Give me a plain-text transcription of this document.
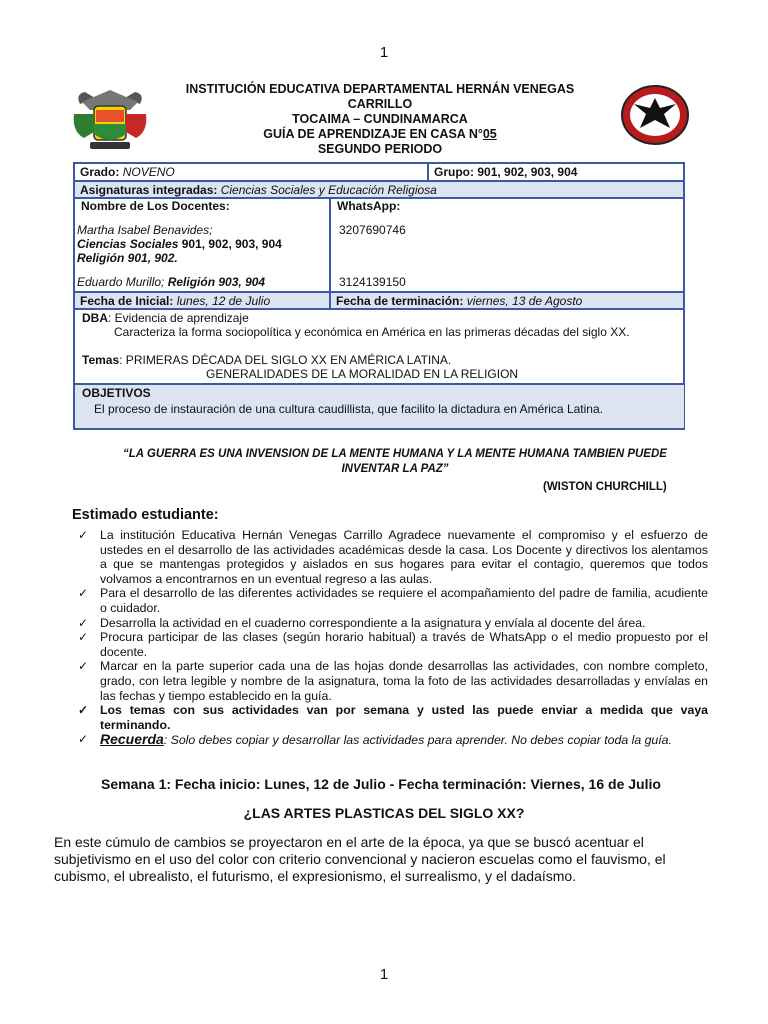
1
INSTITUCIÓN EDUCATIVA DEPARTAMENTAL HERNÁN VENEGAS
CARRILLO
TOCAIMA – CUNDINAMARCA
GUÍA DE APRENDIZAJE EN CASA N°05
SEGUNDO PERIODO
Grado: NOVENO	Grupo: 901, 902, 903, 904
Asignaturas integradas: Ciencias Sociales y Educación Religiosa
Nombre de Los Docentes:
Martha Isabel Benavides;
Ciencias Sociales 901, 902, 903, 904
Religión 901, 902.
Eduardo Murillo; Religión 903, 904
WhatsApp:
3207690746
3124139150
Fecha de Inicial: lunes, 12 de Julio	Fecha de terminación: viernes, 13 de Agosto
DBA: Evidencia de aprendizaje
Caracteriza la forma sociopolítica y económica en América en las primeras décadas del siglo XX.
Temas: PRIMERAS DÉCADA DEL SIGLO XX EN AMÉRICA LATINA.
GENERALIDADES DE LA MORALIDAD EN LA RELIGION
OBJETIVOS
El proceso de instauración de una cultura caudillista, que facilito la dictadura en América Latina.
“LA GUERRA ES UNA INVENSION DE LA MENTE HUMANA Y LA MENTE HUMANA TAMBIEN PUEDE INVENTAR LA PAZ”
(WISTON CHURCHILL)
Estimado estudiante:
✓ La institución Educativa Hernán Venegas Carrillo Agradece nuevamente el compromiso y el esfuerzo de ustedes en el desarrollo de las actividades académicas desde la casa. Los Docente y directivos los alentamos a que se mantengas protegidos y aislados en sus hogares para evitar el contagio, queremos que todos volvamos a encontrarnos en un eventual regreso a las aulas.
✓ Para el desarrollo de las diferentes actividades se requiere el acompañamiento del padre de familia, acudiente o cuidador.
✓ Desarrolla la actividad en el cuaderno correspondiente a la asignatura y envíala al docente del área.
✓ Procura participar de las clases (según horario habitual) a través de WhatsApp o el medio propuesto por el docente.
✓ Marcar en la parte superior cada una de las hojas donde desarrollas las actividades, con nombre completo, grado, con letra legible y nombre de la asignatura, toma la foto de las actividades desarrolladas y envíalas en las fechas y tiempo establecido en la guía.
✓ Los temas con sus actividades van por semana y usted las puede enviar a medida que vaya terminando.
✓ Recuerda: Solo debes copiar y desarrollar las actividades para aprender. No debes copiar toda la guía.
Semana 1: Fecha inicio: Lunes, 12 de Julio - Fecha terminación: Viernes, 16 de Julio
¿LAS ARTES PLASTICAS DEL SIGLO XX?
En este cúmulo de cambios se proyectaron en el arte de la época, ya que se buscó acentuar el subjetivismo en el uso del color con criterio convencional y nacieron escuelas como el fauvismo, el cubismo, el ubrealisto, el futurismo, el expresionismo, el surrealismo, y el dadaísmo.
1
